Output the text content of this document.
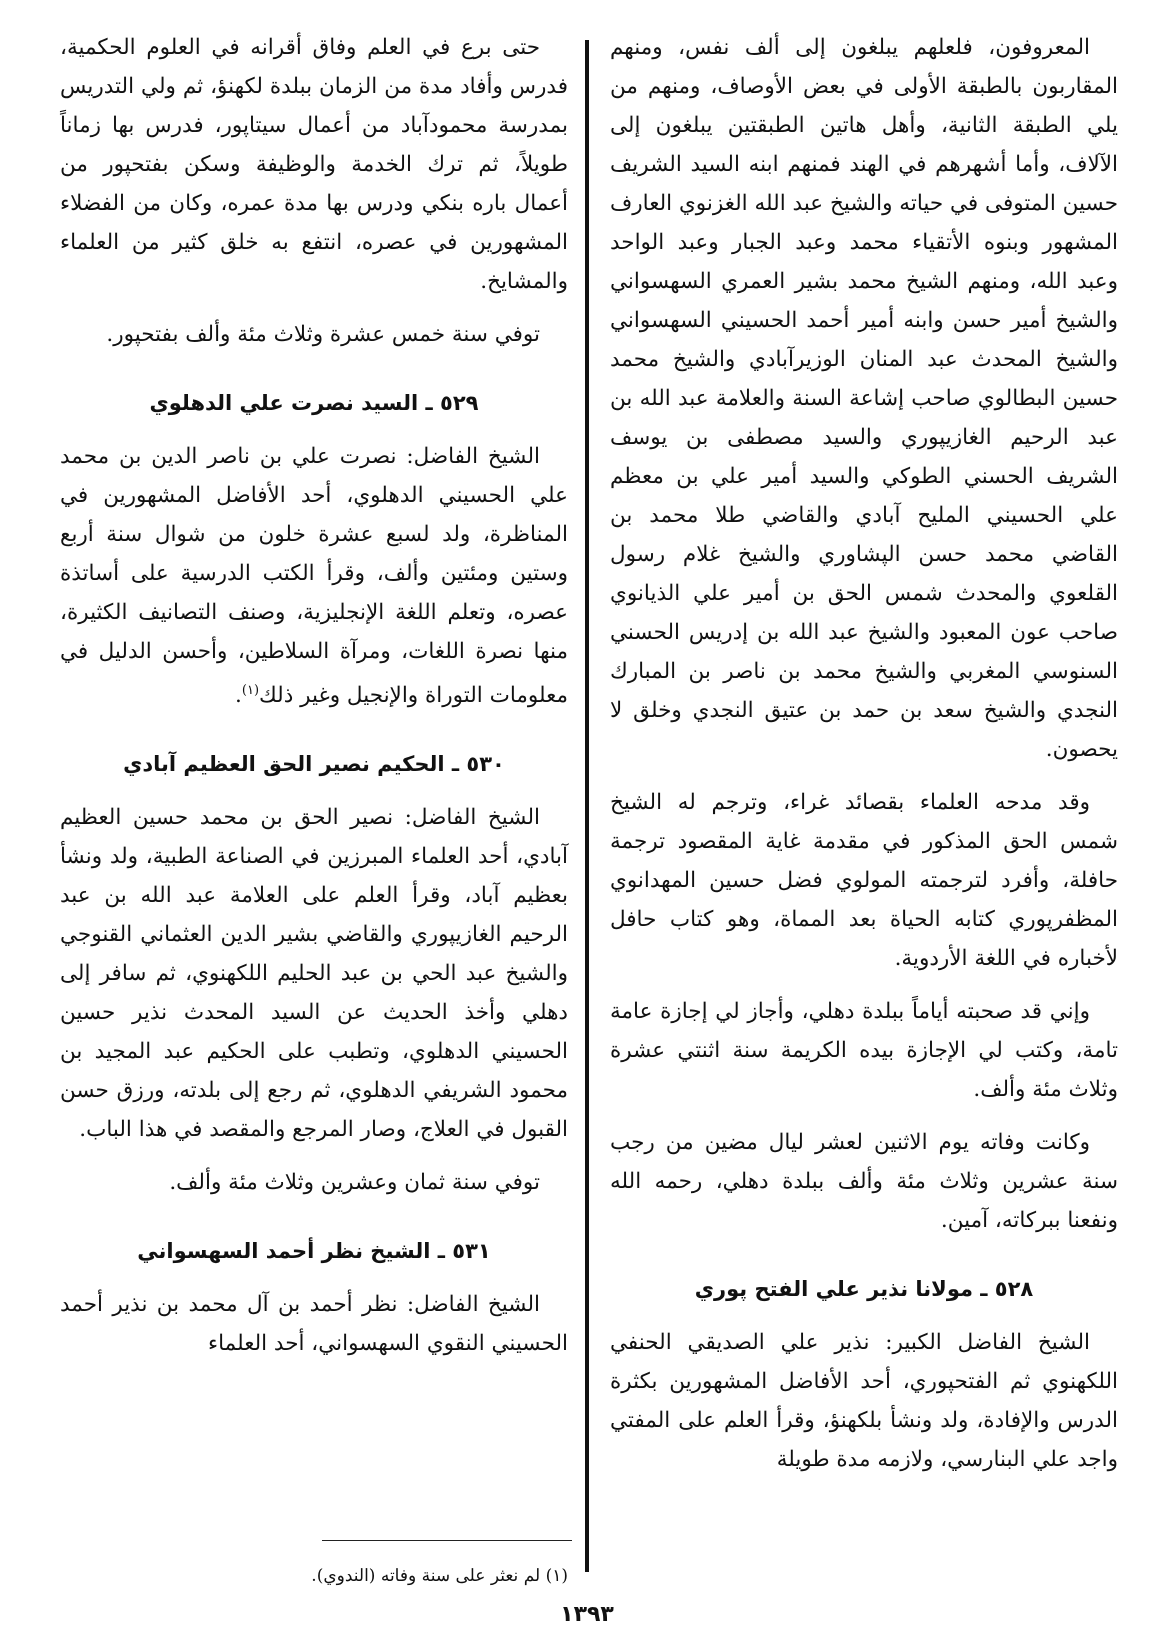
المعروفون، فلعلهم يبلغون إلى ألف نفس، ومنهم المقاربون بالطبقة الأولى في بعض الأوصاف، ومنهم من يلي الطبقة الثانية، وأهل هاتين الطبقتين يبلغون إلى الآلاف، وأما أشهرهم في الهند فمنهم ابنه السيد الشريف حسين المتوفى في حياته والشيخ عبد الله الغزنوي العارف المشهور وبنوه الأتقياء محمد وعبد الجبار وعبد الواحد وعبد الله، ومنهم الشيخ محمد بشير العمري السهسواني والشيخ أمير حسن وابنه أمير أحمد الحسيني السهسواني والشيخ المحدث عبد المنان الوزيرآبادي والشيخ محمد حسين البطالوي صاحب إشاعة السنة والعلامة عبد الله بن عبد الرحيم الغازيپوري والسيد مصطفى بن يوسف الشريف الحسني الطوكي والسيد أمير علي بن معظم علي الحسيني المليح آبادي والقاضي طلا محمد بن القاضي محمد حسن الپشاوري والشيخ غلام رسول القلعوي والمحدث شمس الحق بن أمير علي الذيانوي صاحب عون المعبود والشيخ عبد الله بن إدريس الحسني السنوسي المغربي والشيخ محمد بن ناصر بن المبارك النجدي والشيخ سعد بن حمد بن عتيق النجدي وخلق لا يحصون.

وقد مدحه العلماء بقصائد غراء، وترجم له الشيخ شمس الحق المذكور في مقدمة غاية المقصود ترجمة حافلة، وأفرد لترجمته المولوي فضل حسين المهدانوي المظفرپوري كتابه الحياة بعد المماة، وهو كتاب حافل لأخباره في اللغة الأردوية.

وإني قد صحبته أياماً ببلدة دهلي، وأجاز لي إجازة عامة تامة، وكتب لي الإجازة بيده الكريمة سنة اثنتي عشرة وثلاث مئة وألف.

وكانت وفاته يوم الاثنين لعشر ليال مضين من رجب سنة عشرين وثلاث مئة وألف ببلدة دهلي، رحمه الله ونفعنا ببركاته، آمين.

٥٢٨ ـ مولانا نذير علي الفتح پوري

الشيخ الفاضل الكبير: نذير علي الصديقي الحنفي اللكهنوي ثم الفتحپوري، أحد الأفاضل المشهورين بكثرة الدرس والإفادة، ولد ونشأ بلكهنؤ، وقرأ العلم على المفتي واجد علي البنارسي، ولازمه مدة طويلة

حتى برع في العلم وفاق أقرانه في العلوم الحكمية، فدرس وأفاد مدة من الزمان ببلدة لكهنؤ، ثم ولي التدريس بمدرسة محمودآباد من أعمال سيتاپور، فدرس بها زماناً طويلاً، ثم ترك الخدمة والوظيفة وسكن بفتحپور من أعمال باره بنكي ودرس بها مدة عمره، وكان من الفضلاء المشهورين في عصره، انتفع به خلق كثير من العلماء والمشايخ.

توفي سنة خمس عشرة وثلاث مئة وألف بفتحپور.

٥٢٩ ـ السيد نصرت علي الدهلوي

الشيخ الفاضل: نصرت علي بن ناصر الدين بن محمد علي الحسيني الدهلوي، أحد الأفاضل المشهورين في المناظرة، ولد لسبع عشرة خلون من شوال سنة أربع وستين ومئتين وألف، وقرأ الكتب الدرسية على أساتذة عصره، وتعلم اللغة الإنجليزية، وصنف التصانيف الكثيرة، منها نصرة اللغات، ومرآة السلاطين، وأحسن الدليل في معلومات التوراة والإنجيل وغير ذلك$^{(١)}$.

٥٣٠ ـ الحكيم نصير الحق العظيم آبادي

الشيخ الفاضل: نصير الحق بن محمد حسين العظيم آبادي، أحد العلماء المبرزين في الصناعة الطبية، ولد ونشأ بعظيم آباد، وقرأ العلم على العلامة عبد الله بن عبد الرحيم الغازيپوري والقاضي بشير الدين العثماني القنوجي والشيخ عبد الحي بن عبد الحليم اللكهنوي، ثم سافر إلى دهلي وأخذ الحديث عن السيد المحدث نذير حسين الحسيني الدهلوي، وتطبب على الحكيم عبد المجيد بن محمود الشريفي الدهلوي، ثم رجع إلى بلدته، ورزق حسن القبول في العلاج، وصار المرجع والمقصد في هذا الباب.

توفي سنة ثمان وعشرين وثلاث مئة وألف.

٥٣١ ـ الشيخ نظر أحمد السهسواني

الشيخ الفاضل: نظر أحمد بن آل محمد بن نذير أحمد الحسيني النقوي السهسواني، أحد العلماء

(١) لم نعثر على سنة وفاته (الندوي).
١٣٩٣
